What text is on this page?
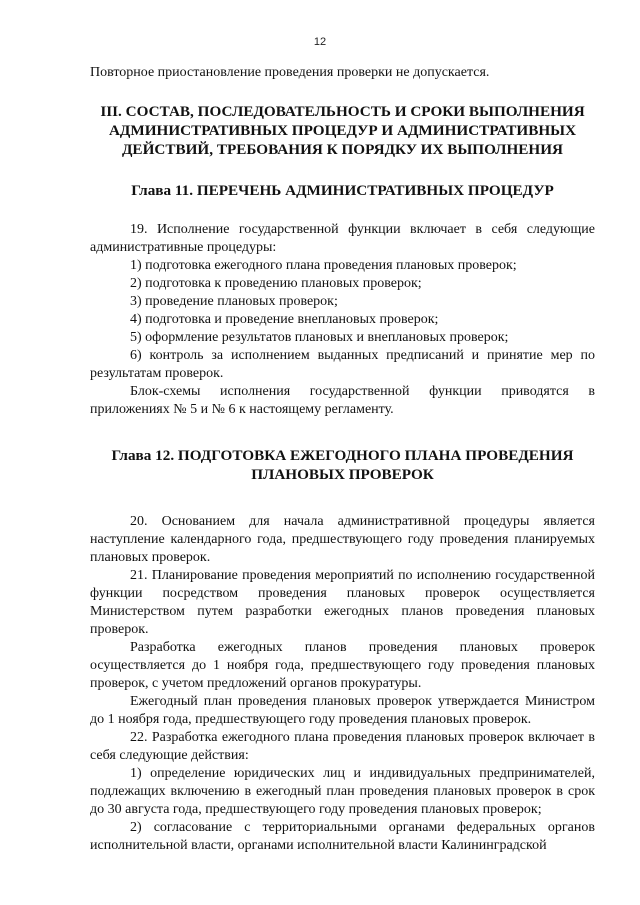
12

Повторное приостановление проведения проверки не допускается.

III. СОСТАВ, ПОСЛЕДОВАТЕЛЬНОСТЬ И СРОКИ ВЫПОЛНЕНИЯ АДМИНИСТРАТИВНЫХ ПРОЦЕДУР И АДМИНИСТРАТИВНЫХ ДЕЙСТВИЙ, ТРЕБОВАНИЯ К ПОРЯДКУ ИХ ВЫПОЛНЕНИЯ
Глава 11. ПЕРЕЧЕНЬ АДМИНИСТРАТИВНЫХ ПРОЦЕДУР

19. Исполнение государственной функции включает в себя следующие административные процедуры:

1) подготовка ежегодного плана проведения плановых проверок;

2) подготовка к проведению плановых проверок;

3) проведение плановых проверок;

4) подготовка и проведение внеплановых проверок;

5) оформление результатов плановых и внеплановых проверок;

6) контроль за исполнением выданных предписаний и принятие мер по результатам проверок.

Блок-схемы исполнения государственной функции приводятся в приложениях № 5 и № 6 к настоящему регламенту.

Глава 12. ПОДГОТОВКА ЕЖЕГОДНОГО ПЛАНА ПРОВЕДЕНИЯ ПЛАНОВЫХ ПРОВЕРОК

20. Основанием для начала административной процедуры является наступление календарного года, предшествующего году проведения планируемых плановых проверок.

21. Планирование проведения мероприятий по исполнению государственной функции посредством проведения плановых проверок осуществляется Министерством путем разработки ежегодных планов проведения плановых проверок.

Разработка ежегодных планов проведения плановых проверок осуществляется до 1 ноября года, предшествующего году проведения плановых проверок, с учетом предложений органов прокуратуры.

Ежегодный план проведения плановых проверок утверждается Министром до 1 ноября года, предшествующего году проведения плановых проверок.

22. Разработка ежегодного плана проведения плановых проверок включает в себя следующие действия:

1) определение юридических лиц и индивидуальных предпринимателей, подлежащих включению в ежегодный план проведения плановых проверок в срок до 30 августа года, предшествующего году проведения плановых проверок;

2) согласование с территориальными органами федеральных органов исполнительной власти, органами исполнительной власти Калининградской
